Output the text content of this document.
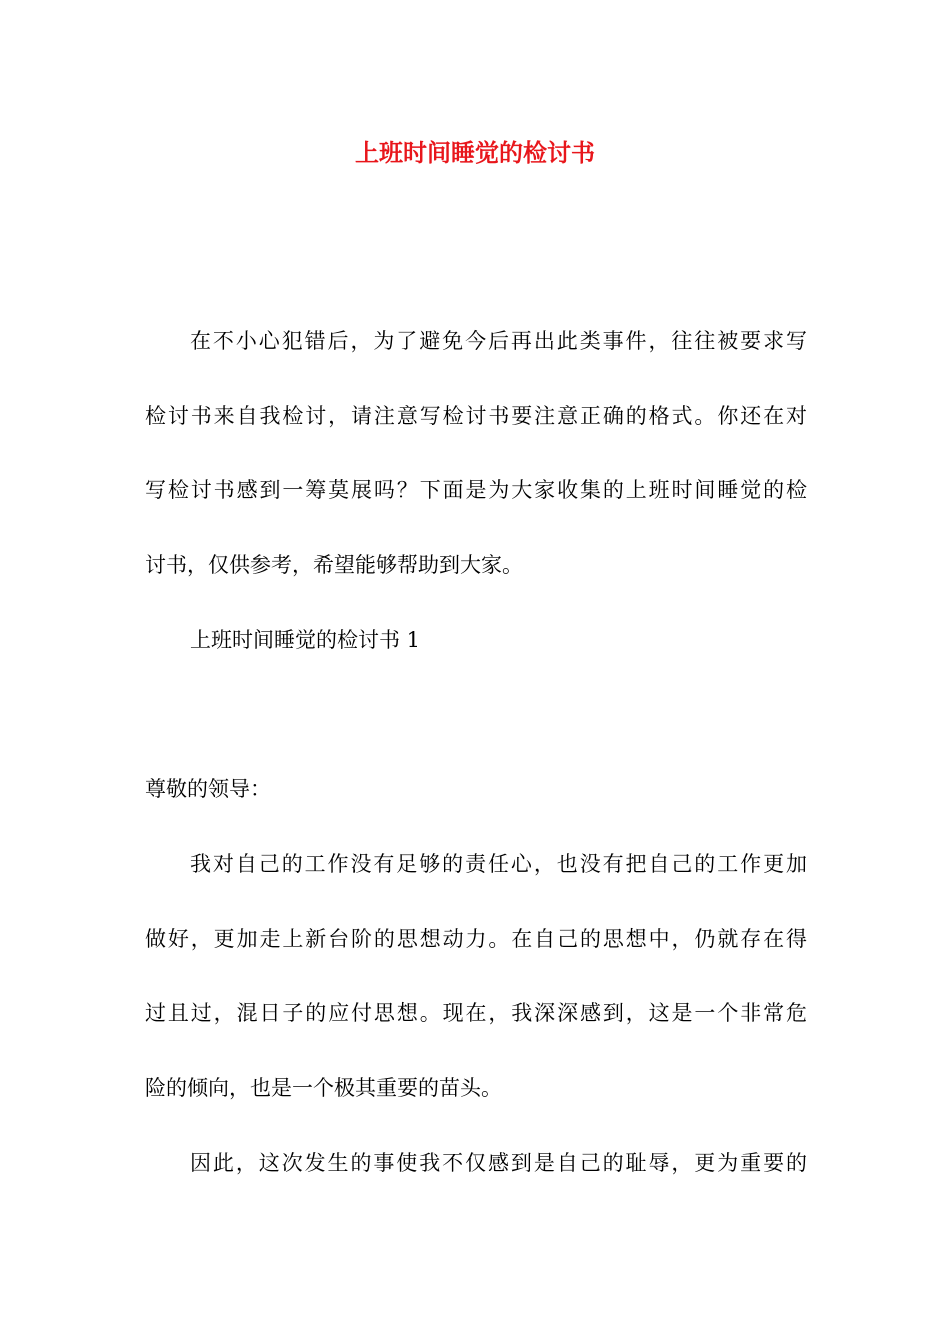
上班时间睡觉的检讨书
在不小心犯错后，为了避免今后再出此类事件，往往被要求写
检讨书来自我检讨，请注意写检讨书要注意正确的格式。你还在对
写检讨书感到一筹莫展吗？下面是为大家收集的上班时间睡觉的检
讨书，仅供参考，希望能够帮助到大家。
上班时间睡觉的检讨书 1
尊敬的领导：
我对自己的工作没有足够的责任心，也没有把自己的工作更加
做好，更加走上新台阶的思想动力。在自己的思想中，仍就存在得
过且过，混日子的应付思想。现在，我深深感到，这是一个非常危
险的倾向，也是一个极其重要的苗头。
因此，这次发生的事使我不仅感到是自己的耻辱，更为重要的
